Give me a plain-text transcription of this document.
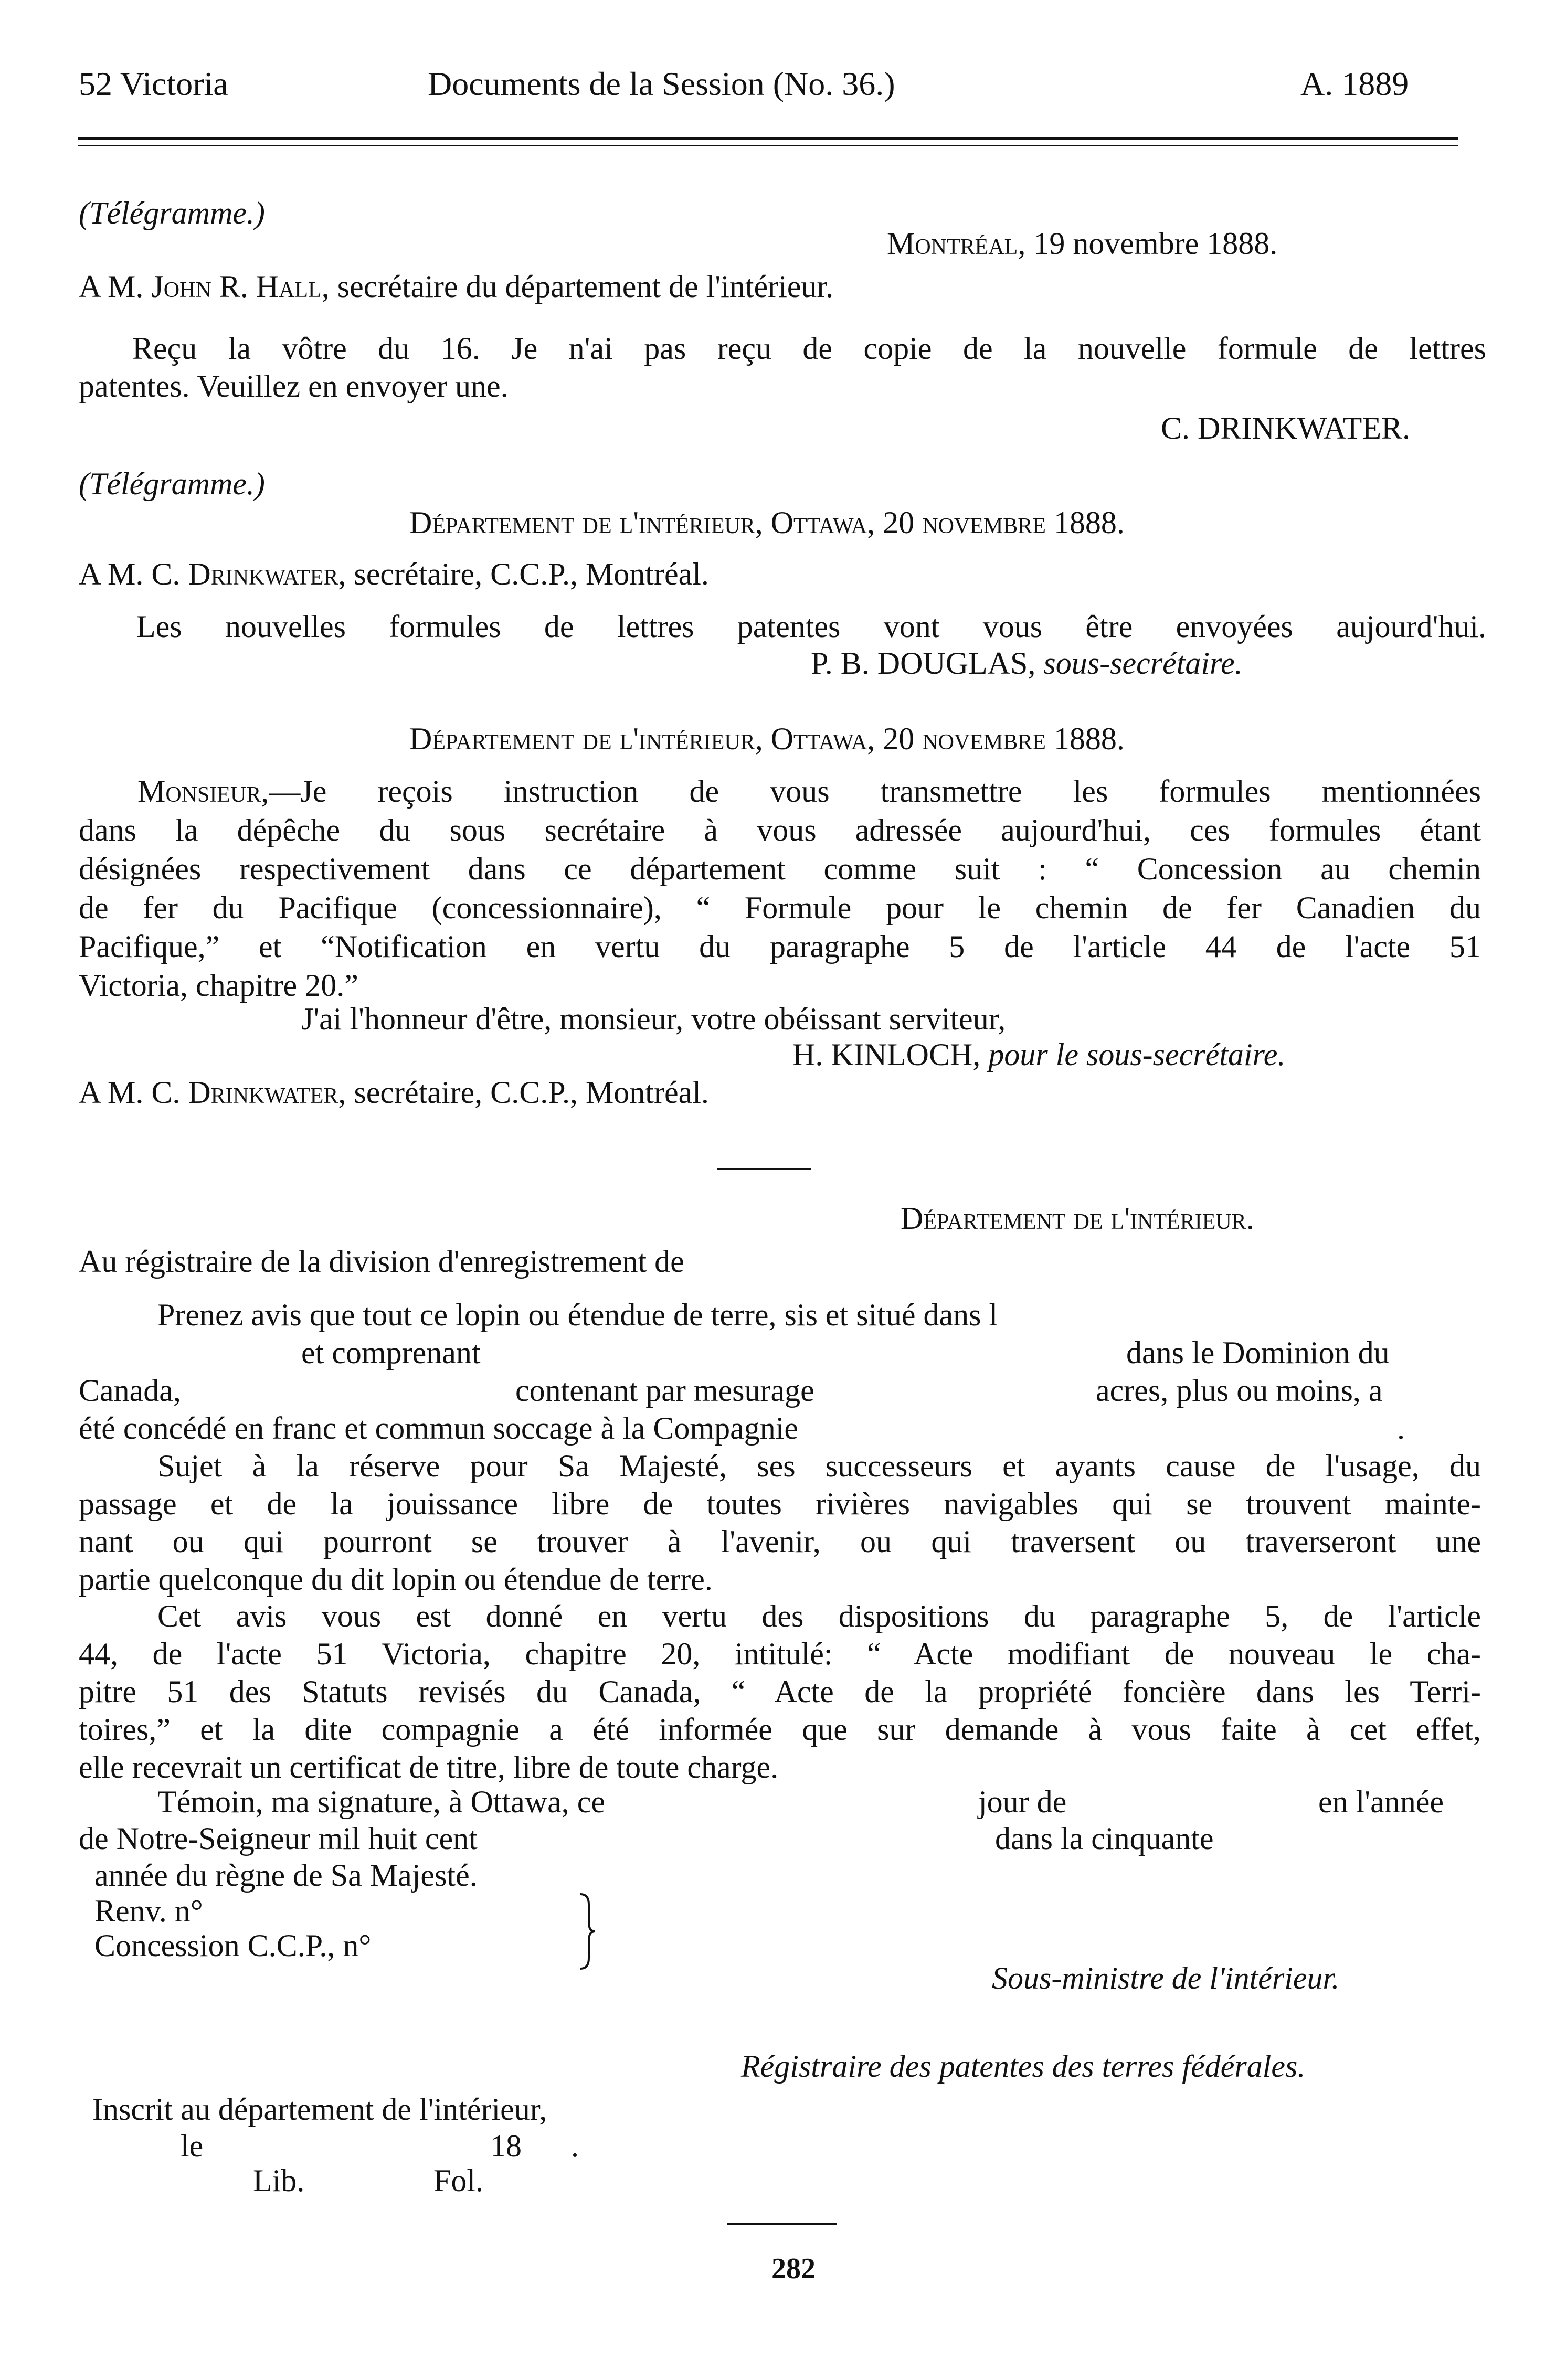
52 Victoria	Documents de la Session (No. 36.)	A. 1889
(Télégramme.)
Montréal, 19 novembre 1888.
A M. John R. Hall, secrétaire du département de l'intérieur.
Reçu la vôtre du 16. Je n'ai pas reçu de copie de la nouvelle formule de lettres
patentes. Veuillez en envoyer une.
C. DRINKWATER.
(Télégramme.)
Département de l'intérieur, Ottawa, 20 novembre 1888.
A M. C. Drinkwater, secrétaire, C.C.P., Montréal.
Les nouvelles formules de lettres patentes vont vous être envoyées aujourd'hui.
P. B. DOUGLAS, sous-secrétaire.
Département de l'intérieur, Ottawa, 20 novembre 1888.
Monsieur,—Je reçois instruction de vous transmettre les formules mentionnées
dans la dépêche du sous secrétaire à vous adressée aujourd'hui, ces formules étant
désignées respectivement dans ce département comme suit : “ Concession au chemin
de fer du Pacifique (concessionnaire), “ Formule pour le chemin de fer Canadien du
Pacifique,” et “Notification en vertu du paragraphe 5 de l'article 44 de l'acte 51
Victoria, chapitre 20.”
J'ai l'honneur d'être, monsieur, votre obéissant serviteur,
H. KINLOCH, pour le sous-secrétaire.
A M. C. Drinkwater, secrétaire, C.C.P., Montréal.
Département de l'intérieur.
Au régistraire de la division d'enregistrement de
Prenez avis que tout ce lopin ou étendue de terre, sis et situé dans l
et comprenant	dans le Dominion du
Canada,	contenant par mesurage	acres, plus ou moins, a
été concédé en franc et commun soccage à la Compagnie	.
Sujet à la réserve pour Sa Majesté, ses successeurs et ayants cause de l'usage, du
passage et de la jouissance libre de toutes rivières navigables qui se trouvent mainte-
nant ou qui pourront se trouver à l'avenir, ou qui traversent ou traverseront une
partie quelconque du dit lopin ou étendue de terre.
Cet avis vous est donné en vertu des dispositions du paragraphe 5, de l'article
44, de l'acte 51 Victoria, chapitre 20, intitulé: “ Acte modifiant de nouveau le cha-
pitre 51 des Statuts revisés du Canada, “ Acte de la propriété foncière dans les Terri-
toires,” et la dite compagnie a été informée que sur demande à vous faite à cet effet,
elle recevrait un certificat de titre, libre de toute charge.
Témoin, ma signature, à Ottawa, ce	jour de	en l'année
de Notre-Seigneur mil huit cent	dans la cinquante
année du règne de Sa Majesté.
Renv. n°
Concession C.C.P., n°
Sous-ministre de l'intérieur.
Régistraire des patentes des terres fédérales.
Inscrit au département de l'intérieur,
le	18 .
Lib.	Fol.
282
